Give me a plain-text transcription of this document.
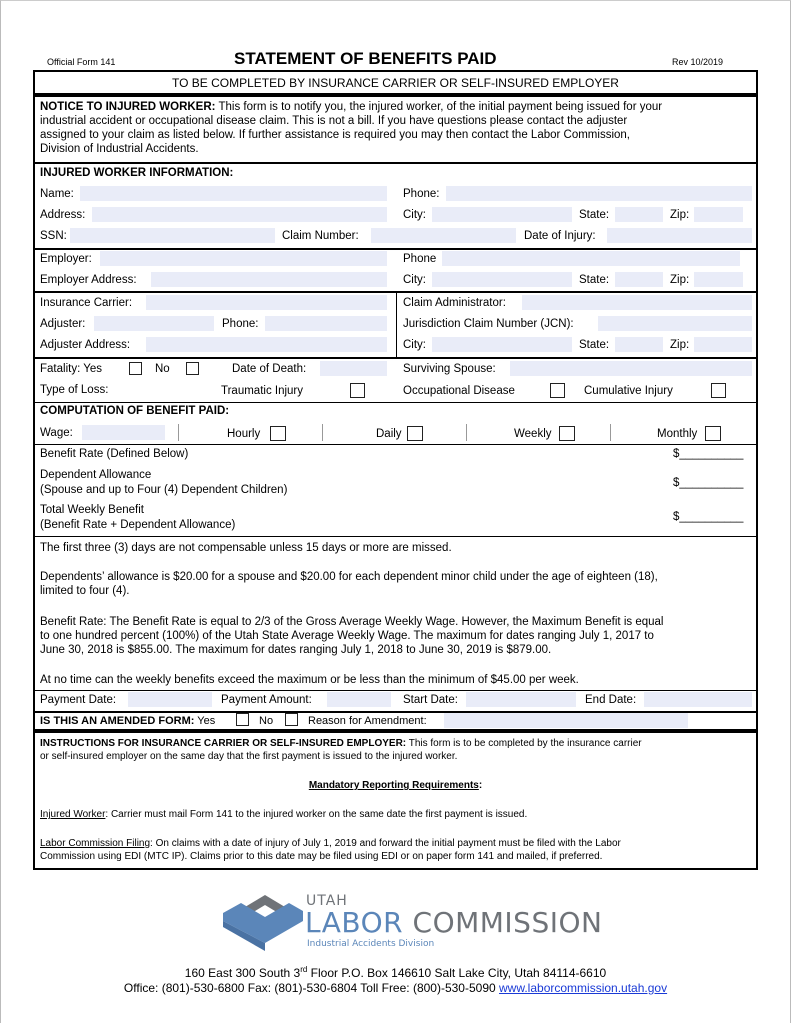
Official Form 141	STATEMENT OF BENEFITS PAID	Rev 10/2019
TO BE COMPLETED BY INSURANCE CARRIER OR SELF-INSURED EMPLOYER
NOTICE TO INJURED WORKER: This form is to notify you, the injured worker, of the initial payment being issued for your
industrial accident or occupational disease claim. This is not a bill. If you have questions please contact the adjuster
assigned to your claim as listed below. If further assistance is required you may then contact the Labor Commission,
Division of Industrial Accidents.
INJURED WORKER INFORMATION:
Name:	Phone:
Address:	City:	State:	Zip:
SSN:	Claim Number:	Date of Injury:
Employer:	Phone
Employer Address:	City:	State:	Zip:
Insurance Carrier:	Claim Administrator:
Adjuster:	Phone:	Jurisdiction Claim Number (JCN):
Adjuster Address:	City:	State:	Zip:
Fatality: Yes	No	Date of Death:	Surviving Spouse:
Type of Loss:	Traumatic Injury	Occupational Disease	Cumulative Injury
COMPUTATION OF BENEFIT PAID:
Wage:	Hourly	Daily	Weekly	Monthly
Benefit Rate (Defined Below)	$__________
Dependent Allowance
(Spouse and up to Four (4) Dependent Children)
$__________
Total Weekly Benefit
(Benefit Rate + Dependent Allowance)
$__________
The first three (3) days are not compensable unless 15 days or more are missed.
Dependents’ allowance is $20.00 for a spouse and $20.00 for each dependent minor child under the age of eighteen (18),
limited to four (4).
Benefit Rate: The Benefit Rate is equal to 2/3 of the Gross Average Weekly Wage. However, the Maximum Benefit is equal
to one hundred percent (100%) of the Utah State Average Weekly Wage. The maximum for dates ranging July 1, 2017 to
June 30, 2018 is $855.00. The maximum for dates ranging July 1, 2018 to June 30, 2019 is $879.00.
At no time can the weekly benefits exceed the maximum or be less than the minimum of $45.00 per week.
Payment Date:	Payment Amount:	Start Date:	End Date:
IS THIS AN AMENDED FORM: Yes	No	Reason for Amendment:
INSTRUCTIONS FOR INSURANCE CARRIER OR SELF-INSURED EMPLOYER: This form is to be completed by the insurance carrier
or self-insured employer on the same day that the first payment is issued to the injured worker.
Mandatory Reporting Requirements:
Injured Worker: Carrier must mail Form 141 to the injured worker on the same date the first payment is issued.
Labor Commission Filing: On claims with a date of injury of July 1, 2019 and forward the initial payment must be filed with the Labor
Commission using EDI (MTC IP). Claims prior to this date may be filed using EDI or on paper form 141 and mailed, if preferred.
UTAH
LABOR COMMISSION
Industrial Accidents Division
160 East 300 South 3rd Floor P.O. Box 146610 Salt Lake City, Utah 84114-6610
Office: (801)-530-6800 Fax: (801)-530-6804 Toll Free: (800)-530-5090 www.laborcommission.utah.gov
